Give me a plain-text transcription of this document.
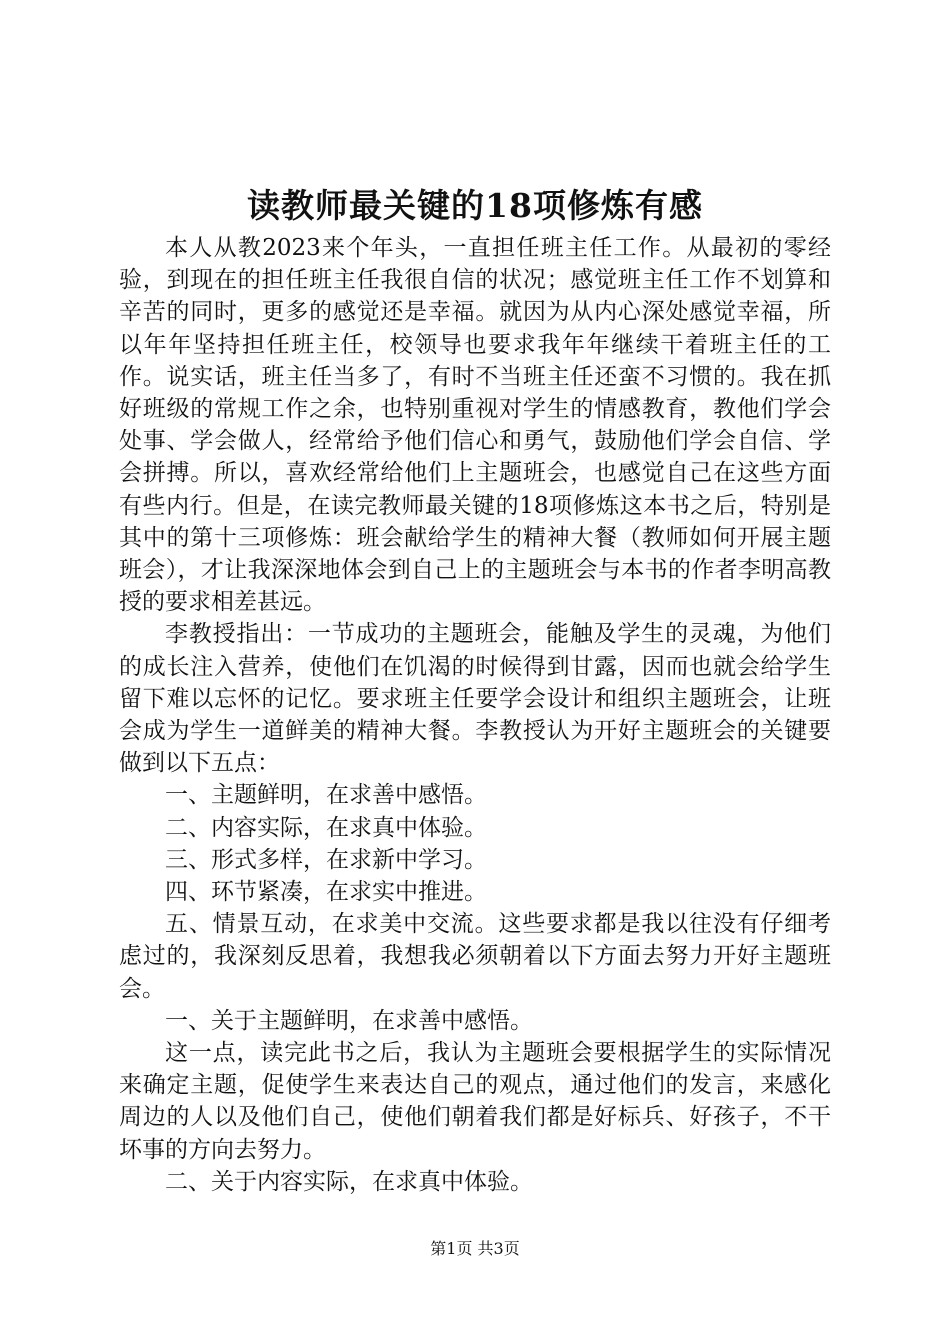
读教师最关键的18项修炼有感

本人从教2023来个年头，一直担任班主任工作。从最初的零经验，到现在的担任班主任我很自信的状况；感觉班主任工作不划算和辛苦的同时，更多的感觉还是幸福。就因为从内心深处感觉幸福，所以年年坚持担任班主任，校领导也要求我年年继续干着班主任的工作。说实话，班主任当多了，有时不当班主任还蛮不习惯的。我在抓好班级的常规工作之余，也特别重视对学生的情感教育，教他们学会处事、学会做人，经常给予他们信心和勇气，鼓励他们学会自信、学会拼搏。所以，喜欢经常给他们上主题班会，也感觉自己在这些方面有些内行。但是，在读完教师最关键的18项修炼这本书之后，特别是其中的第十三项修炼：班会献给学生的精神大餐（教师如何开展主题班会），才让我深深地体会到自己上的主题班会与本书的作者李明高教授的要求相差甚远。

李教授指出：一节成功的主题班会，能触及学生的灵魂，为他们的成长注入营养，使他们在饥渴的时候得到甘露，因而也就会给学生留下难以忘怀的记忆。要求班主任要学会设计和组织主题班会，让班会成为学生一道鲜美的精神大餐。李教授认为开好主题班会的关键要做到以下五点：

一、主题鲜明，在求善中感悟。

二、内容实际，在求真中体验。

三、形式多样，在求新中学习。

四、环节紧凑，在求实中推进。

五、情景互动，在求美中交流。这些要求都是我以往没有仔细考虑过的，我深刻反思着，我想我必须朝着以下方面去努力开好主题班会。

一、关于主题鲜明，在求善中感悟。

这一点，读完此书之后，我认为主题班会要根据学生的实际情况来确定主题，促使学生来表达自己的观点，通过他们的发言，来感化周边的人以及他们自己，使他们朝着我们都是好标兵、好孩子，不干坏事的方向去努力。

二、关于内容实际，在求真中体验。

第1页 共3页
